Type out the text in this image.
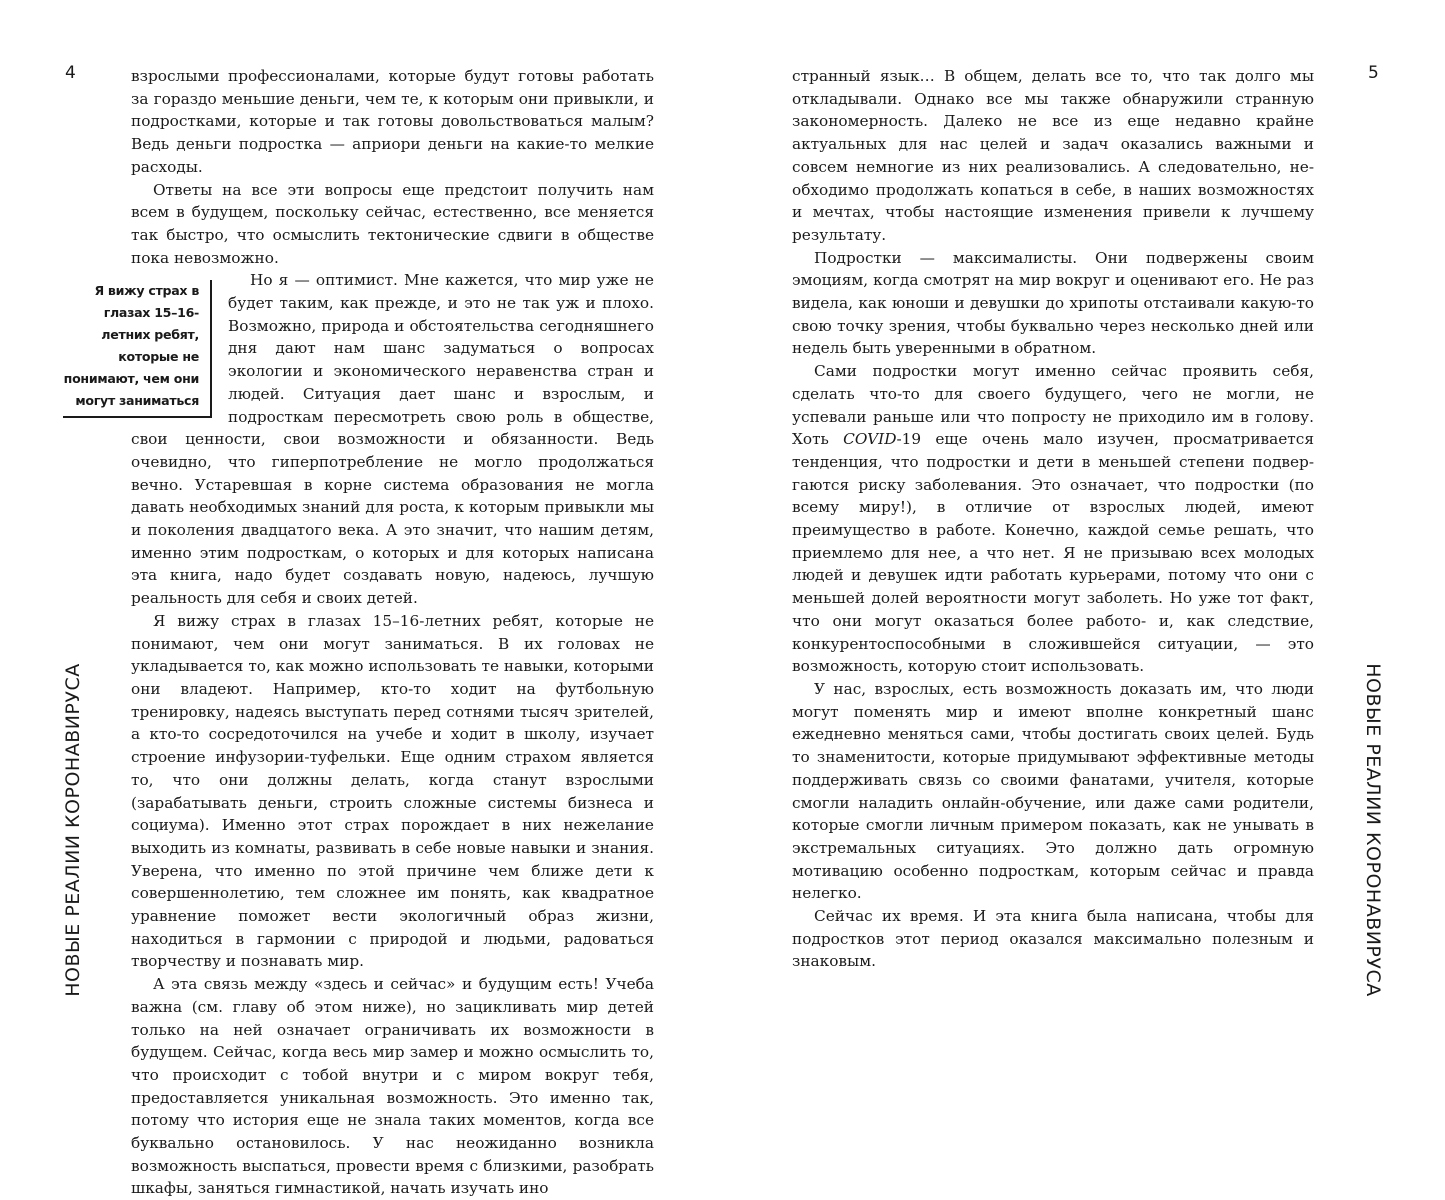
4
НОВЫЕ РЕАЛИИ КОРОНАВИРУСА

взрослыми профессионалами, которые будут готовы работать за гораздо меньшие деньги, чем те, к которым они привыкли, и подростками, которые и так готовы довольствоваться малым? Ведь деньги подростка — априори деньги на какие-то мелкие расходы.

Ответы на все эти вопросы еще предстоит получить нам всем в будущем, поскольку сейчас, естественно, все меняется так быстро, что осмыслить тектонические сдвиги в обществе пока невозможно.

Я вижу страх в глазах 15–16-летних ребят, которые не понимают, чем они могут заниматься

Но я — оптимист. Мне кажется, что мир уже не будет таким, как прежде, и это не так уж и плохо. Возможно, природа и обстоятельства сегодняшнего дня дают нам шанс задуматься о вопросах экологии и экономического неравенства стран и людей. Ситуация дает шанс и взрослым, и подросткам пересмотреть свою роль в обществе, свои ценности, свои возможности и обязанности. Ведь очевидно, что гиперпотребление не могло продолжаться вечно. Устаревшая в корне система образования не могла давать необходимых знаний для роста, к которым привыкли мы и поколения двадцатого века. А это значит, что нашим детям, именно этим подросткам, о которых и для которых написана эта книга, надо будет создавать новую, надеюсь, лучшую реальность для себя и своих детей.

Я вижу страх в глазах 15–16-летних ребят, которые не понимают, чем они могут заниматься. В их головах не укладывается то, как можно использовать те навыки, которыми они владеют. Например, кто-то ходит на футбольную тренировку, надеясь выступать перед сотнями тысяч зрителей, а кто-то сосредоточился на учебе и ходит в школу, изучает строение инфузории-туфельки. Еще одним страхом является то, что они должны делать, когда станут взрослыми (зарабатывать деньги, строить сложные системы бизнеса и социума). Именно этот страх порождает в них нежелание выходить из комнаты, развивать в себе новые навыки и знания. Уверена, что именно по этой причине чем ближе дети к совершеннолетию, тем сложнее им понять, как квадратное уравнение поможет вести экологичный образ жизни, находиться в гармонии с природой и людьми, радоваться творчеству и познавать мир.

А эта связь между «здесь и сейчас» и будущим есть! Учеба важна (см. главу об этом ниже), но зацикливать мир детей только на ней означает ограничивать их возможности в будущем. Сейчас, когда весь мир замер и можно осмыслить то, что происходит с тобой внутри и с миром вокруг тебя, предоставляется уникальная возможность. Это именно так, потому что история еще не знала таких моментов, когда все буквально остановилось. У нас неожиданно возникла возможность выспаться, провести время с близкими, разобрать шкафы, заняться гимнастикой, начать изучать ино

5
НОВЫЕ РЕАЛИИ КОРОНАВИРУСА

странный язык… В общем, делать все то, что так долго мы откладывали. Однако все мы также обнаружили странную закономерность. Далеко не все из еще недавно крайне актуальных для нас целей и задач оказались важными и совсем немногие из них реализовались. А следовательно, необходимо продолжать копаться в себе, в наших возможностях и мечтах, чтобы настоящие изменения привели к лучшему результату.

Подростки — максималисты. Они подвержены своим эмоциям, когда смотрят на мир вокруг и оценивают его. Не раз видела, как юноши и девушки до хрипоты отстаивали какую-то свою точку зрения, чтобы буквально через несколько дней или недель быть уверенными в обратном.

Сами подростки могут именно сейчас проявить себя, сделать что-то для своего будущего, чего не могли, не успевали раньше или что попросту не приходило им в голову. Хоть COVID-19 еще очень мало изучен, просматривается тенденция, что подростки и дети в меньшей степени подвергаются риску заболевания. Это означает, что подростки (по всему миру!), в отличие от взрослых людей, имеют преимущество в работе. Конечно, каждой семье решать, что приемлемо для нее, а что нет. Я не призываю всех молодых людей и девушек идти работать курьерами, потому что они с меньшей долей вероятности могут заболеть. Но уже тот факт, что они могут оказаться более работо- и, как следствие, конкурентоспособными в сложившейся ситуации, — это возможность, которую стоит использовать.

У нас, взрослых, есть возможность доказать им, что люди могут поменять мир и имеют вполне конкретный шанс ежедневно меняться сами, чтобы достигать своих целей. Будь то знаменитости, которые придумывают эффективные методы поддерживать связь со своими фанатами, учителя, которые смогли наладить онлайн-обучение, или даже сами родители, которые смогли личным примером показать, как не унывать в экстремальных ситуациях. Это должно дать огромную мотивацию особенно подросткам, которым сейчас и правда нелегко.

Сейчас их время. И эта книга была написана, чтобы для подростков этот период оказался максимально полезным и знаковым.
